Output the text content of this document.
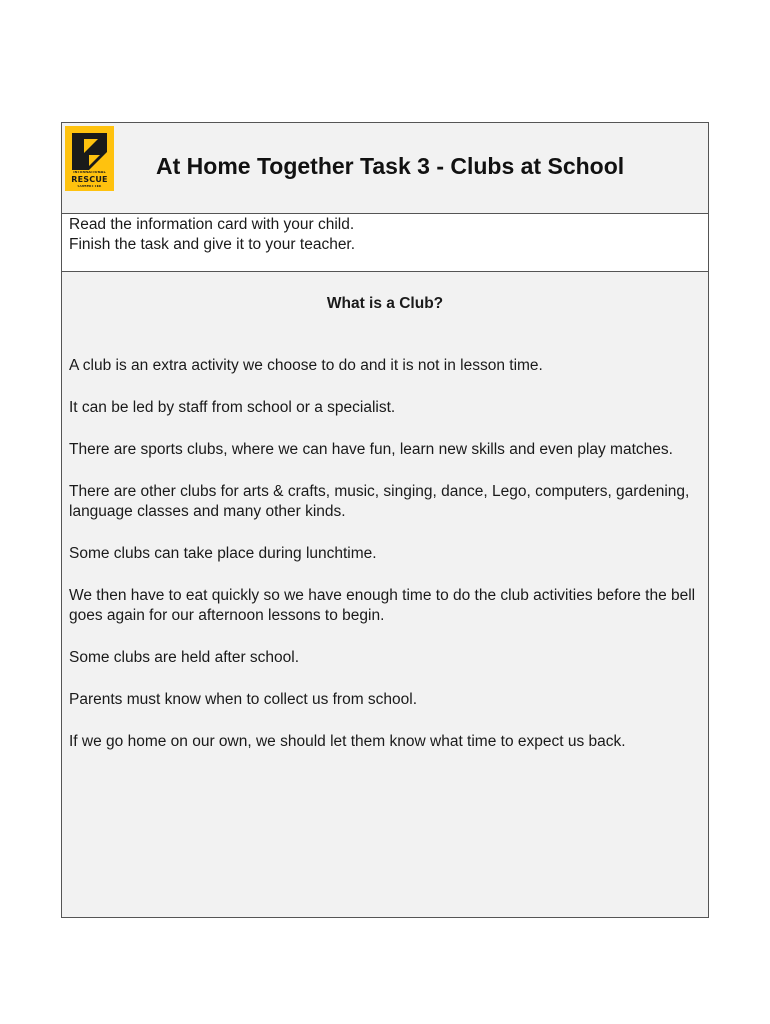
INTERNATIONAL
RESCUE
COMMITTEE
At Home Together Task 3 - Clubs at School
Read the information card with your child.
Finish the task and give it to your teacher.
What is a Club?

A club is an extra activity we choose to do and it is not in lesson time.

It can be led by staff from school or a specialist.

There are sports clubs, where we can have fun, learn new skills and even play matches.

There are other clubs for arts & crafts, music, singing, dance, Lego, computers, gardening, language classes and many other kinds.

Some clubs can take place during lunchtime.

We then have to eat quickly so we have enough time to do the club activities before the bell goes again for our afternoon lessons to begin.

Some clubs are held after school.

Parents must know when to collect us from school.

If we go home on our own, we should let them know what time to expect us back.
